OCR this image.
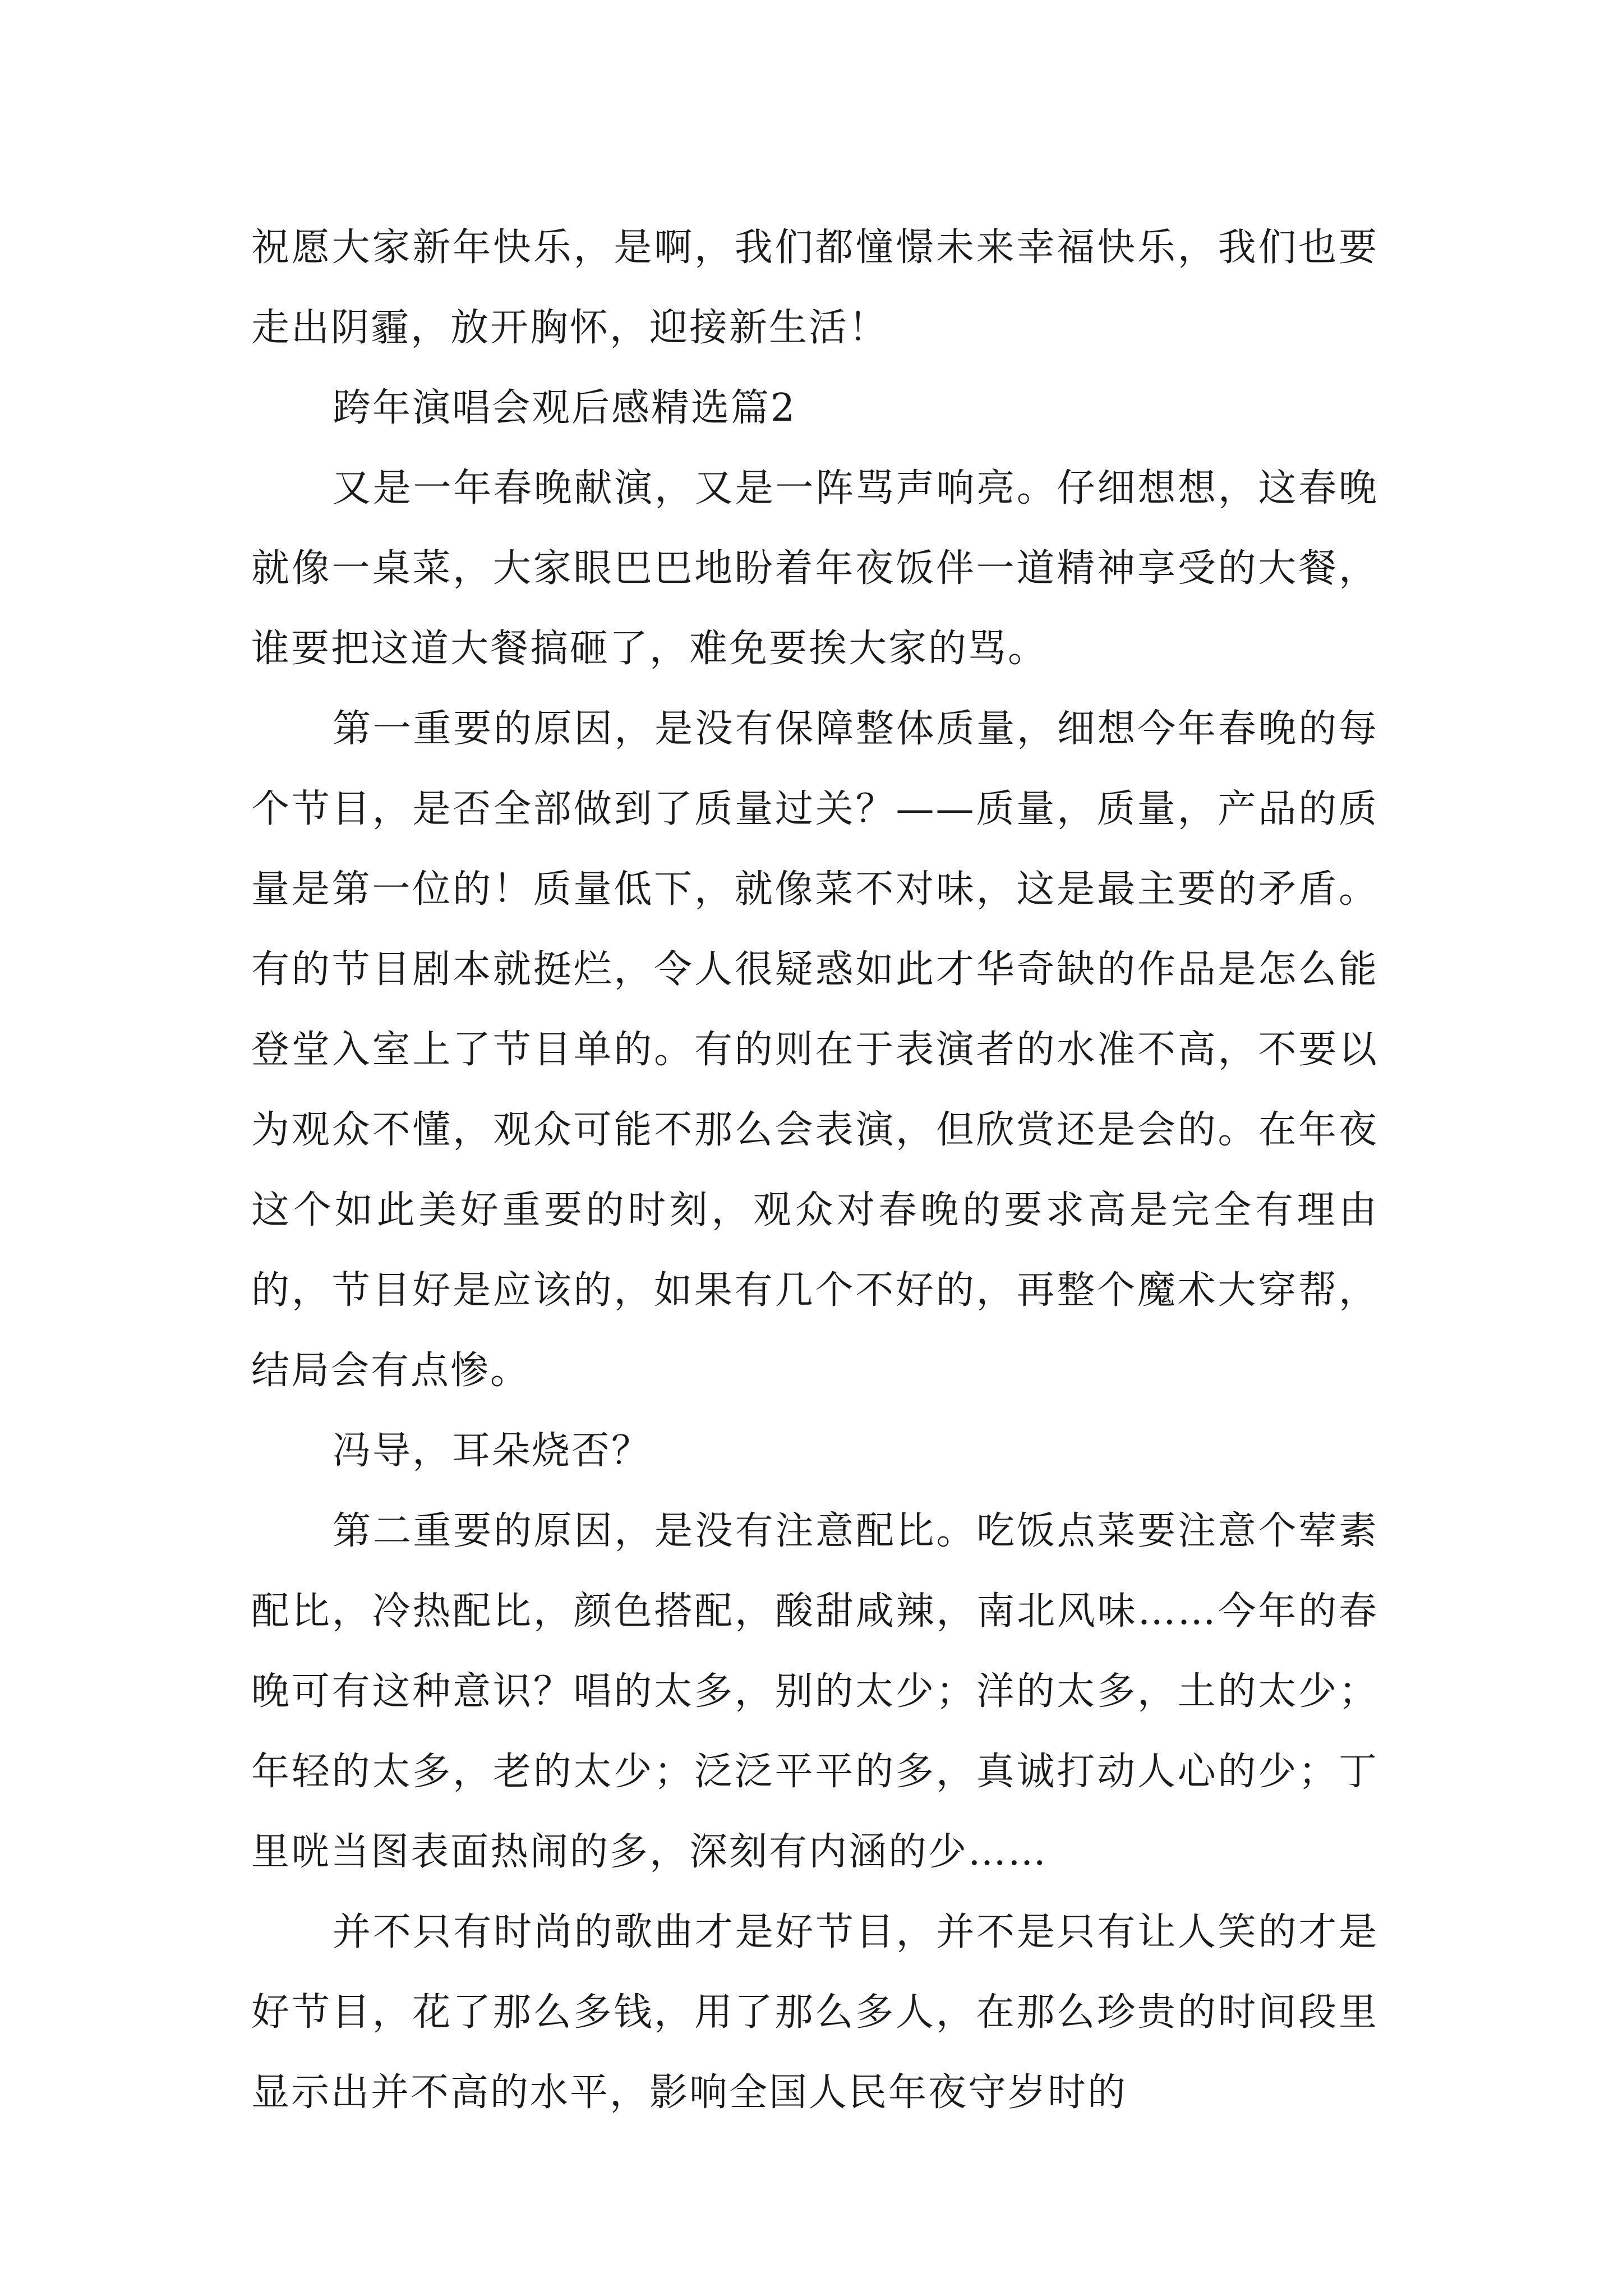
祝愿大家新年快乐，是啊，我们都憧憬未来幸福快乐，我们也要走出阴霾，放开胸怀，迎接新生活！

跨年演唱会观后感精选篇2

又是一年春晚献演，又是一阵骂声响亮。仔细想想，这春晚就像一桌菜，大家眼巴巴地盼着年夜饭伴一道精神享受的大餐，谁要把这道大餐搞砸了，难免要挨大家的骂。

第一重要的原因，是没有保障整体质量，细想今年春晚的每个节目，是否全部做到了质量过关？——质量，质量，产品的质量是第一位的！质量低下，就像菜不对味，这是最主要的矛盾。有的节目剧本就挺烂，令人很疑惑如此才华奇缺的作品是怎么能登堂入室上了节目单的。有的则在于表演者的水准不高，不要以为观众不懂，观众可能不那么会表演，但欣赏还是会的。在年夜这个如此美好重要的时刻，观众对春晚的要求高是完全有理由的，节目好是应该的，如果有几个不好的，再整个魔术大穿帮，结局会有点惨。

冯导，耳朵烧否？

第二重要的原因，是没有注意配比。吃饭点菜要注意个荤素配比，冷热配比，颜色搭配，酸甜咸辣，南北风味……今年的春晚可有这种意识？唱的太多，别的太少；洋的太多，土的太少；年轻的太多，老的太少；泛泛平平的多，真诚打动人心的少；丁里咣当图表面热闹的多，深刻有内涵的少……

并不只有时尚的歌曲才是好节目，并不是只有让人笑的才是好节目，花了那么多钱，用了那么多人，在那么珍贵的时间段里显示出并不高的水平，影响全国人民年夜守岁时的
